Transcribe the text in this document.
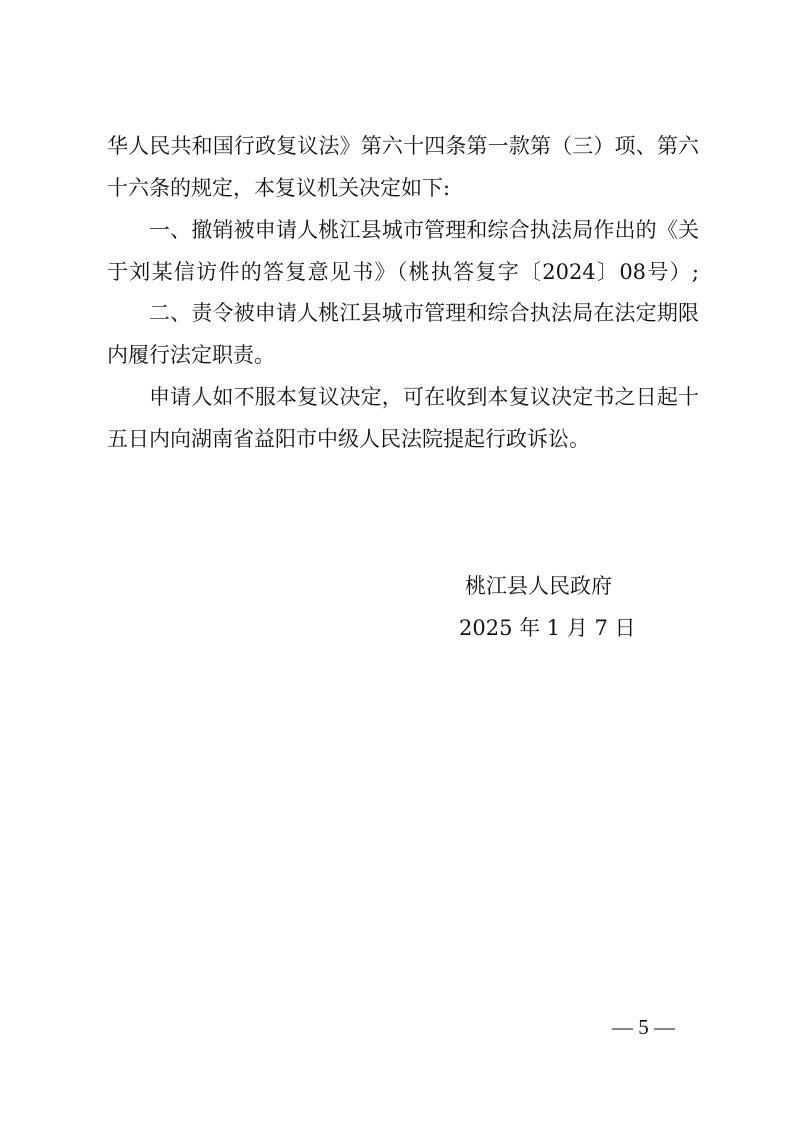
华人民共和国行政复议法》第六十四条第一款第（三）项、第六
十六条的规定，本复议机关决定如下:
一、撤销被申请人桃江县城市管理和综合执法局作出的《关
于刘某信访件的答复意见书》（桃执答复字〔2024〕08号）;
二、责令被申请人桃江县城市管理和综合执法局在法定期限
内履行法定职责。
申请人如不服本复议决定，可在收到本复议决定书之日起十
五日内向湖南省益阳市中级人民法院提起行政诉讼。
桃江县人民政府
2025 年 1 月 7 日
— 5 —
